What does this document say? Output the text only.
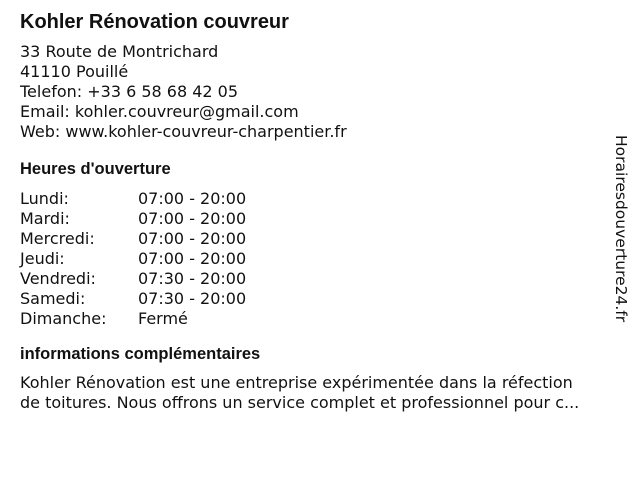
Kohler Rénovation couvreur
33 Route de Montrichard
41110 Pouillé
Telefon: +33 6 58 68 42 05
Email: kohler.couvreur@gmail.com
Web: www.kohler-couvreur-charpentier.fr
Heures d'ouverture
Lundi:	07:00 - 20:00
Mardi:	07:00 - 20:00
Mercredi:	07:00 - 20:00
Jeudi:	07:00 - 20:00
Vendredi:	07:30 - 20:00
Samedi:	07:30 - 20:00
Dimanche:	Fermé
informations complémentaires
Kohler Rénovation est une entreprise expérimentée dans la réfection
de toitures. Nous offrons un service complet et professionnel pour c...
Horairesdouverture24.fr
